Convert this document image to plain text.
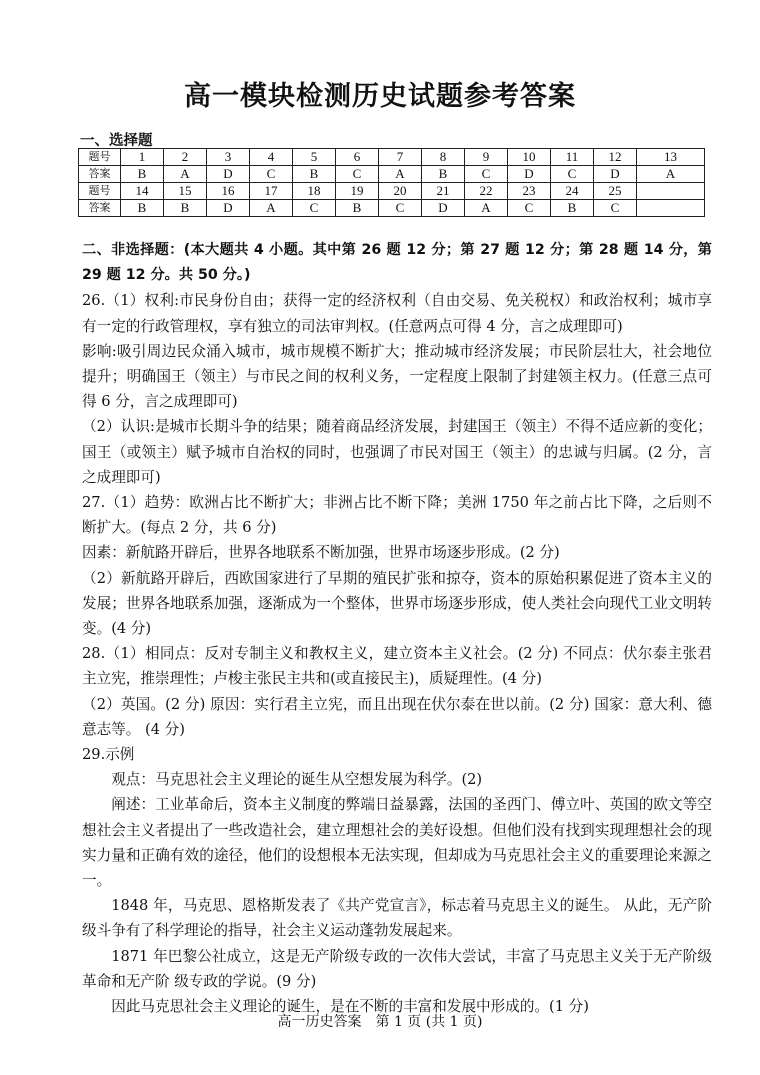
高一模块检测历史试题参考答案
一、选择题
题号	1	2	3	4	5	6	7	8	9	10	11	12	13
答案	B	A	D	C	B	C	A	B	C	D	C	D	A
题号	14	15	16	17	18	19	20	21	22	23	24	25	
答案	B	B	D	A	C	B	C	D	A	C	B	C	

二、非选择题：(本大题共 4 小题。其中第 26 题 12 分；第 27 题 12 分；第 28 题 14 分，第 29 题 12 分。共 50 分。)

26.（1）权利:市民身份自由；获得一定的经济权利（自由交易、免关税权）和政治权利；城市享有一定的行政管理权，享有独立的司法审判权。(任意两点可得 4 分，言之成理即可)

影响:吸引周边民众涌入城市，城市规模不断扩大；推动城市经济发展；市民阶层壮大，社会地位提升；明确国王（领主）与市民之间的权利义务，一定程度上限制了封建领主权力。(任意三点可得 6 分，言之成理即可)

（2）认识:是城市长期斗争的结果；随着商品经济发展，封建国王（领主）不得不适应新的变化；国王（或领主）赋予城市自治权的同时，也强调了市民对国王（领主）的忠诚与归属。(2 分，言之成理即可)

27.（1）趋势：欧洲占比不断扩大；非洲占比不断下降；美洲 1750 年之前占比下降，之后则不断扩大。(每点 2 分，共 6 分)

因素：新航路开辟后，世界各地联系不断加强，世界市场逐步形成。(2 分)

（2）新航路开辟后，西欧国家进行了早期的殖民扩张和掠夺，资本的原始积累促进了资本主义的发展；世界各地联系加强，逐渐成为一个整体，世界市场逐步形成，使人类社会向现代工业文明转变。(4 分)

28.（1）相同点：反对专制主义和教权主义，建立资本主义社会。(2 分) 不同点：伏尔泰主张君主立宪，推崇理性；卢梭主张民主共和(或直接民主)，质疑理性。(4 分)

（2）英国。(2 分) 原因：实行君主立宪，而且出现在伏尔泰在世以前。(2 分) 国家：意大利、德意志等。 (4 分)

29.示例

观点：马克思社会主义理论的诞生从空想发展为科学。(2)

阐述：工业革命后，资本主义制度的弊端日益暴露，法国的圣西门、傅立叶、英国的欧文等空想社会主义者提出了一些改造社会，建立理想社会的美好设想。但他们没有找到实现理想社会的现实力量和正确有效的途径，他们的设想根本无法实现，但却成为马克思社会主义的重要理论来源之一。

1848 年，马克思、恩格斯发表了《共产党宣言》，标志着马克思主义的诞生。 从此，无产阶级斗争有了科学理论的指导，社会主义运动蓬勃发展起来。

1871 年巴黎公社成立，这是无产阶级专政的一次伟大尝试，丰富了马克思主义关于无产阶级革命和无产阶 级专政的学说。(9 分)

因此马克思社会主义理论的诞生，是在不断的丰富和发展中形成的。(1 分)

高一历史答案　第 1 页 (共 1 页)
